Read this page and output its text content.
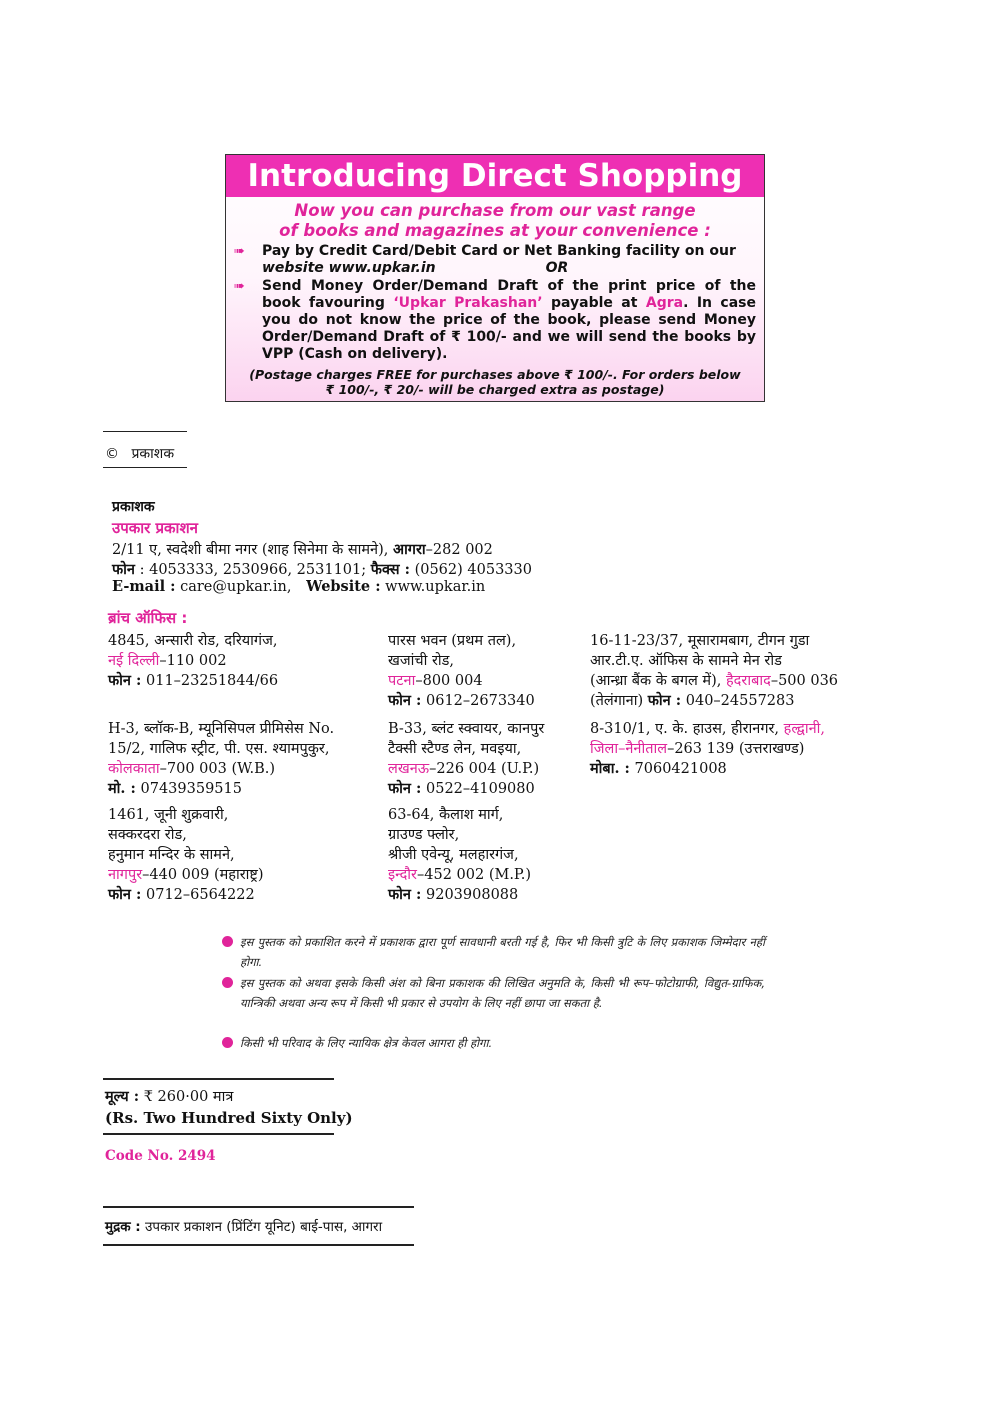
Introducing Direct Shopping
Now you can purchase from our vast range
of books and magazines at your convenience :
➠ Pay by Credit Card/Debit Card or Net Banking facility on our
website www.upkar.in	OR
➠ Send Money Order/Demand Draft of the print price of the book favouring ‘Upkar Prakashan’ payable at Agra. In case you do not know the price of the book, please send Money Order/Demand Draft of ₹ 100/- and we will send the books by VPP (Cash on delivery).
(Postage charges FREE for purchases above ₹ 100/-. For orders below
₹ 100/-, ₹ 20/- will be charged extra as postage)
© प्रकाशक
प्रकाशक
उपकार प्रकाशन
2/11 ए, स्वदेशी बीमा नगर (शाह सिनेमा के सामने), आगरा–282 002
फोन : 4053333, 2530966, 2531101; फैक्स : (0562) 4053330
E-mail : care@upkar.in, Website : www.upkar.in
ब्रांच ऑफिस :
4845, अन्सारी रोड, दरियागंज,
नई दिल्ली–110 002
फोन : 011–23251844/66
पारस भवन (प्रथम तल),
खजांची रोड,
पटना–800 004
फोन : 0612–2673340
16-11-23/37, मूसारामबाग, टीगन गुडा
आर.टी.ए. ऑफिस के सामने मेन रोड
(आन्ध्रा बैंक के बगल में), हैदराबाद–500 036
(तेलंगाना) फोन : 040–24557283
H-3, ब्लॉक-B, म्यूनिसिपल प्रीमिसेस No.
15/2, गालिफ स्ट्रीट, पी. एस. श्यामपुकुर,
कोलकाता–700 003 (W.B.)
मो. : 07439359515
B-33, ब्लंट स्क्वायर, कानपुर
टैक्सी स्टैण्ड लेन, मवइया,
लखनऊ–226 004 (U.P.)
फोन : 0522–4109080
8-310/1, ए. के. हाउस, हीरानगर, हल्द्वानी,
जिला–नैनीताल–263 139 (उत्तराखण्ड)
मोबा. : 7060421008
1461, जूनी शुक्रवारी,
सक्करदरा रोड,
हनुमान मन्दिर के सामने,
नागपुर–440 009 (महाराष्ट्र)
फोन : 0712–6564222
63-64, कैलाश मार्ग,
ग्राउण्ड फ्लोर,
श्रीजी एवेन्यू, मलहारगंज,
इन्दौर–452 002 (M.P.)
फोन : 9203908088
इस पुस्तक को प्रकाशित करने में प्रकाशक द्वारा पूर्ण सावधानी बरती गई है, फिर भी किसी त्रुटि के लिए प्रकाशक जिम्मेदार नहीं होगा.
इस पुस्तक को अथवा इसके किसी अंश को बिना प्रकाशक की लिखित अनुमति के, किसी भी रूप–फोटोग्राफी, विद्युत-ग्राफिक, यान्त्रिकी अथवा अन्य रूप में किसी भी प्रकार से उपयोग के लिए नहीं छापा जा सकता है.
किसी भी परिवाद के लिए न्यायिक क्षेत्र केवल आगरा ही होगा.
मूल्य : ₹ 260·00 मात्र
(Rs. Two Hundred Sixty Only)
Code No. 2494
मुद्रक : उपकार प्रकाशन (प्रिंटिंग यूनिट) बाई-पास, आगरा
